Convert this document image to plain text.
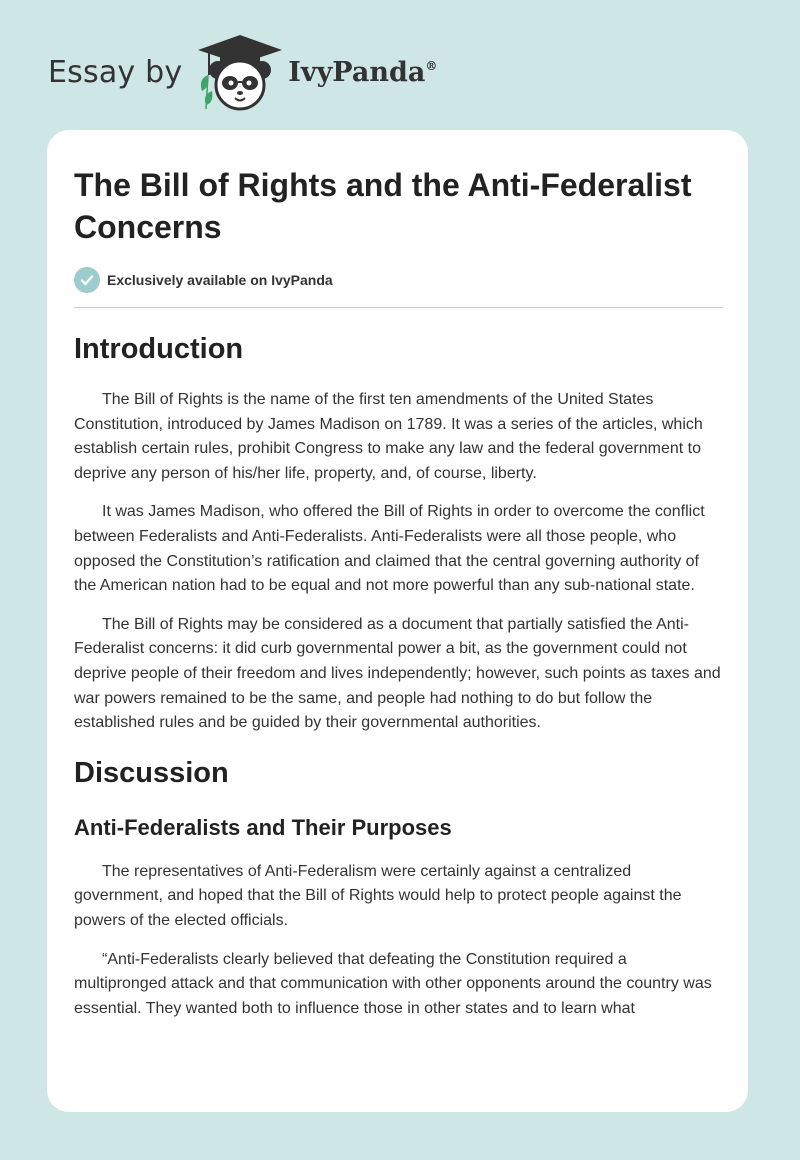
Essay by	IvyPanda®
The Bill of Rights and the Anti-Federalist Concerns
Exclusively available on IvyPanda
Introduction

The Bill of Rights is the name of the first ten amendments of the United States Constitution, introduced by James Madison on 1789. It was a series of the articles, which establish certain rules, prohibit Congress to make any law and the federal government to deprive any person of his/her life, property, and, of course, liberty.

It was James Madison, who offered the Bill of Rights in order to overcome the conflict between Federalists and Anti-Federalists. Anti-Federalists were all those people, who opposed the Constitution’s ratification and claimed that the central governing authority of the American nation had to be equal and not more powerful than any sub-national state.

The Bill of Rights may be considered as a document that partially satisfied the Anti-Federalist concerns: it did curb governmental power a bit, as the government could not deprive people of their freedom and lives independently; however, such points as taxes and war powers remained to be the same, and people had nothing to do but follow the established rules and be guided by their governmental authorities.

Discussion
Anti-Federalists and Their Purposes

The representatives of Anti-Federalism were certainly against a centralized government, and hoped that the Bill of Rights would help to protect people against the powers of the elected officials.

“Anti-Federalists clearly believed that defeating the Constitution required a multipronged attack and that communication with other opponents around the country was essential. They wanted both to influence those in other states and to learn what
